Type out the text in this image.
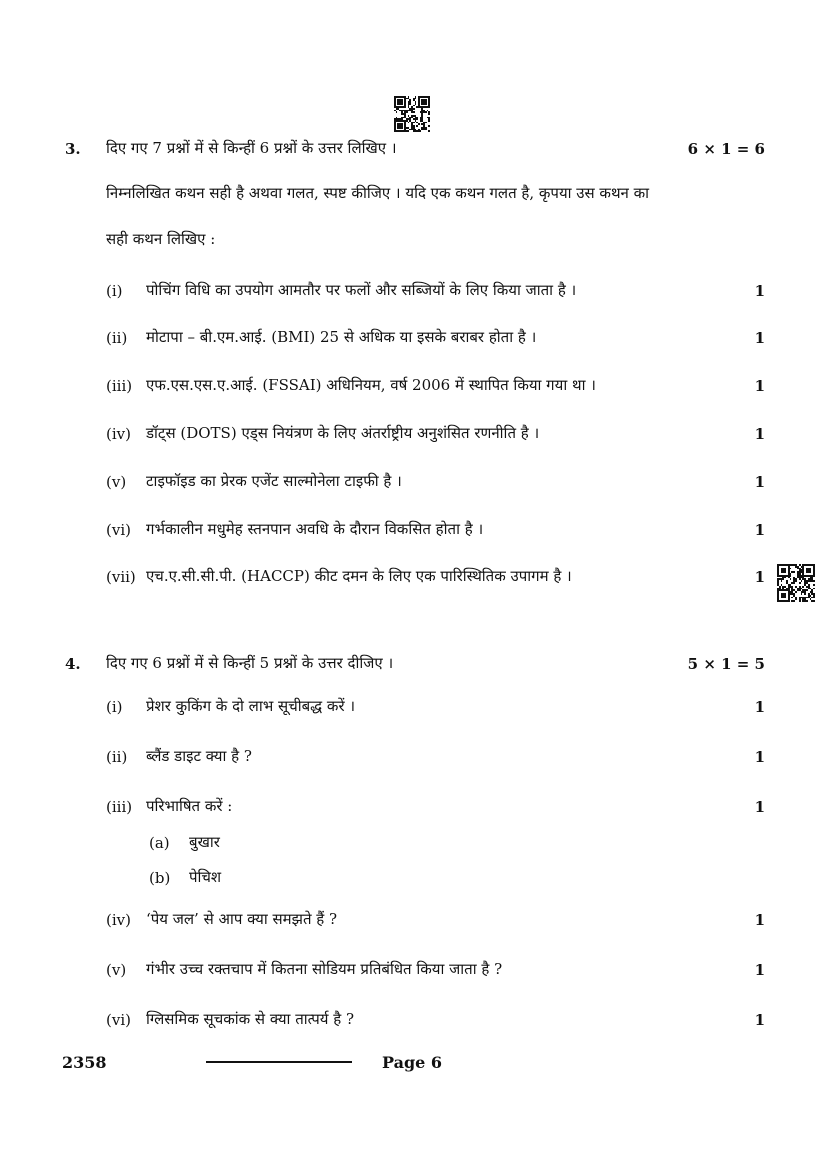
3. दिए गए 7 प्रश्नों में से किन्हीं 6 प्रश्नों के उत्तर लिखिए ।	6 × 1 = 6
निम्नलिखित कथन सही है अथवा गलत, स्पष्ट कीजिए । यदि एक कथन गलत है, कृपया उस कथन का
सही कथन लिखिए :
(i) पोचिंग विधि का उपयोग आमतौर पर फलों और सब्जियों के लिए किया जाता है ।	1
(ii) मोटापा – बी.एम.आई. (BMI) 25 से अधिक या इसके बराबर होता है ।	1
(iii) एफ.एस.एस.ए.आई. (FSSAI) अधिनियम, वर्ष 2006 में स्थापित किया गया था ।	1
(iv) डॉट्स (DOTS) एड्स नियंत्रण के लिए अंतर्राष्ट्रीय अनुशंसित रणनीति है ।	1
(v) टाइफॉइड का प्रेरक एजेंट साल्मोनेला टाइफी है ।	1
(vi) गर्भकालीन मधुमेह स्तनपान अवधि के दौरान विकसित होता है ।	1
(vii) एच.ए.सी.सी.पी. (HACCP) कीट दमन के लिए एक पारिस्थितिक उपागम है ।	1
4. दिए गए 6 प्रश्नों में से किन्हीं 5 प्रश्नों के उत्तर दीजिए ।	5 × 1 = 5
(i) प्रेशर कुकिंग के दो लाभ सूचीबद्ध करें ।	1
(ii) ब्लैंड डाइट क्या है ?	1
(iii) परिभाषित करें :	1
(a) बुखार
(b) पेचिश
(iv) ‘पेय जल’ से आप क्या समझते हैं ?	1
(v) गंभीर उच्च रक्तचाप में कितना सोडियम प्रतिबंधित किया जाता है ?	1
(vi) ग्लिसमिक सूचकांक से क्या तात्पर्य है ?	1
2358	Page 6
